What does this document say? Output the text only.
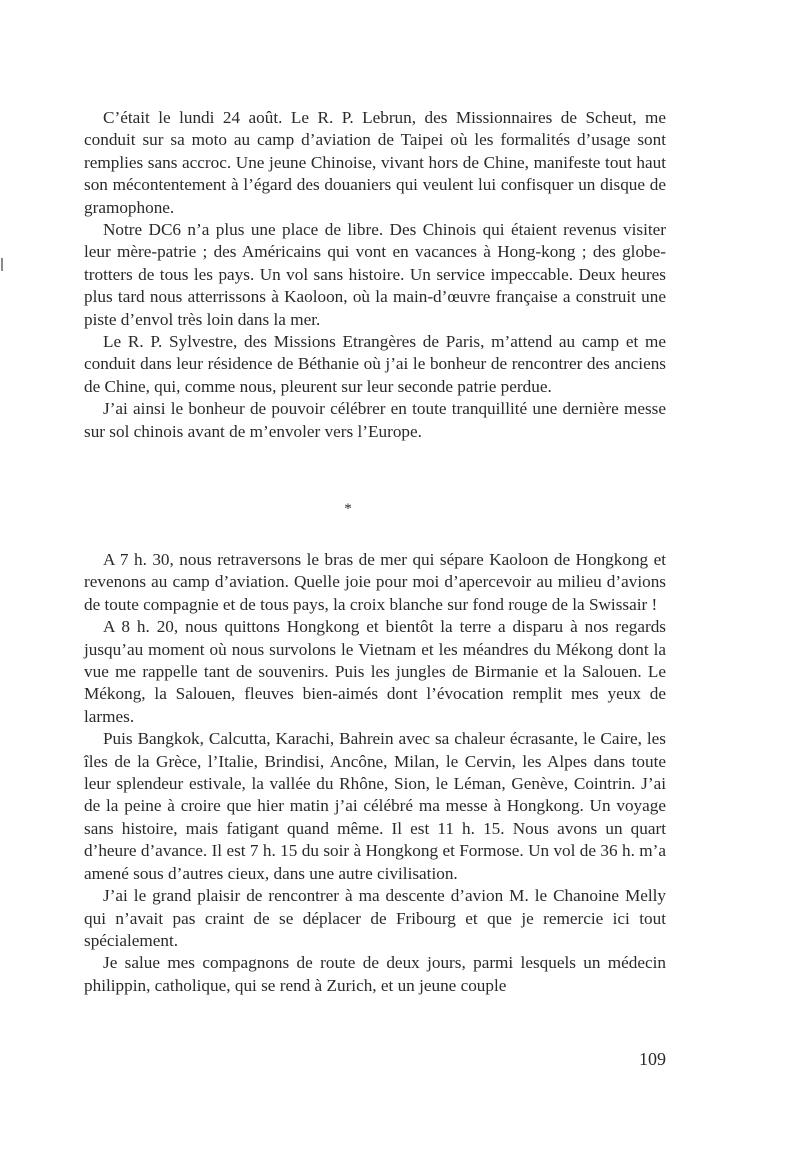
C’était le lundi 24 août. Le R. P. Lebrun, des Missionnaires de Scheut, me conduit sur sa moto au camp d’aviation de Taipei où les formalités d’usage sont remplies sans accroc. Une jeune Chinoise, vivant hors de Chine, manifeste tout haut son mécontentement à l’égard des douaniers qui veulent lui confisquer un disque de gramophone.

Notre DC6 n’a plus une place de libre. Des Chinois qui étaient revenus visiter leur mère-patrie ; des Américains qui vont en vacances à Hong-kong ; des globe-trotters de tous les pays. Un vol sans histoire. Un service impeccable. Deux heures plus tard nous atterrissons à Kaoloon, où la main-d’œuvre française a construit une piste d’envol très loin dans la mer.

Le R. P. Sylvestre, des Missions Etrangères de Paris, m’attend au camp et me conduit dans leur résidence de Béthanie où j’ai le bonheur de rencontrer des anciens de Chine, qui, comme nous, pleurent sur leur seconde patrie perdue.

J’ai ainsi le bonheur de pouvoir célébrer en toute tranquillité une dernière messe sur sol chinois avant de m’envoler vers l’Europe.

*

A 7 h. 30, nous retraversons le bras de mer qui sépare Kaoloon de Hongkong et revenons au camp d’aviation. Quelle joie pour moi d’apercevoir au milieu d’avions de toute compagnie et de tous pays, la croix blanche sur fond rouge de la Swissair !

A 8 h. 20, nous quittons Hongkong et bientôt la terre a disparu à nos regards jusqu’au moment où nous survolons le Vietnam et les méandres du Mékong dont la vue me rappelle tant de souvenirs. Puis les jungles de Birmanie et la Salouen. Le Mékong, la Salouen, fleuves bien-aimés dont l’évocation remplit mes yeux de larmes.

Puis Bangkok, Calcutta, Karachi, Bahrein avec sa chaleur écrasante, le Caire, les îles de la Grèce, l’Italie, Brindisi, Ancône, Milan, le Cervin, les Alpes dans toute leur splendeur estivale, la vallée du Rhône, Sion, le Léman, Genève, Cointrin. J’ai de la peine à croire que hier matin j’ai célébré ma messe à Hongkong. Un voyage sans histoire, mais fatigant quand même. Il est 11 h. 15. Nous avons un quart d’heure d’avance. Il est 7 h. 15 du soir à Hongkong et Formose. Un vol de 36 h. m’a amené sous d’autres cieux, dans une autre civilisation.

J’ai le grand plaisir de rencontrer à ma descente d’avion M. le Chanoine Melly qui n’avait pas craint de se déplacer de Fribourg et que je remercie ici tout spécialement.

Je salue mes compagnons de route de deux jours, parmi lesquels un médecin philippin, catholique, qui se rend à Zurich, et un jeune couple

109
